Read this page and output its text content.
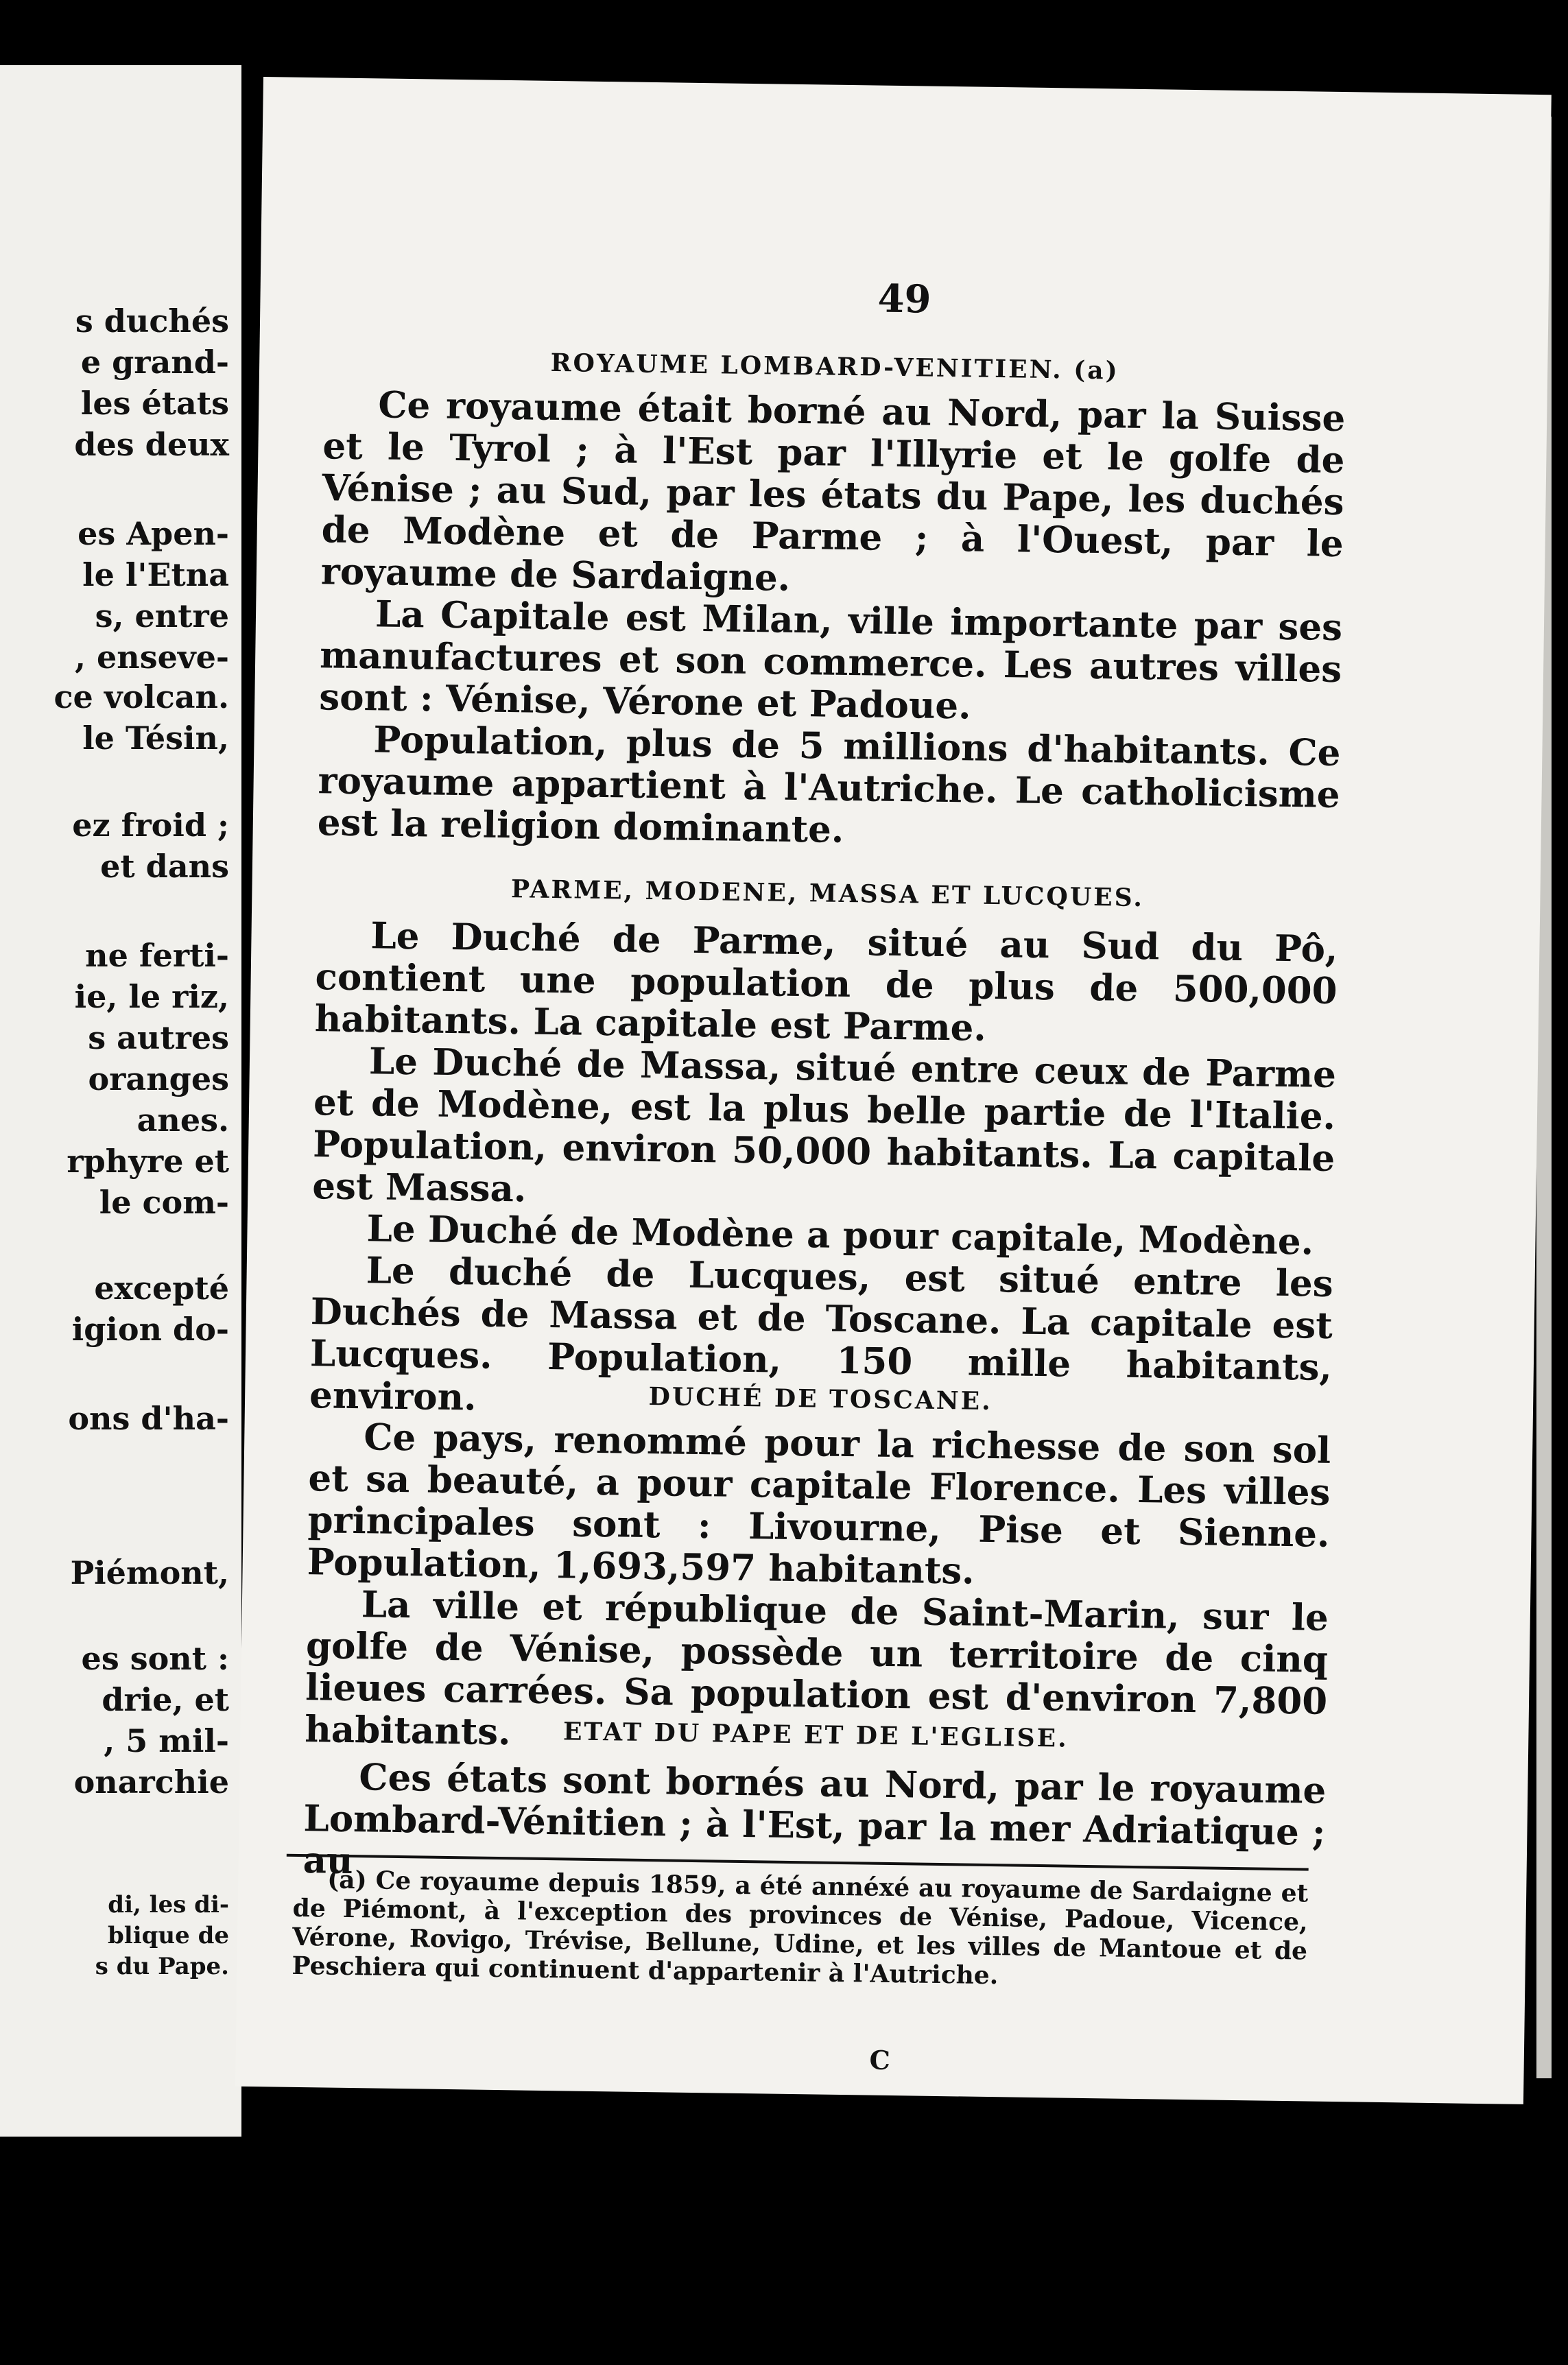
s duchés
e grand-
les états
des deux
es Apen-
le l'Etna
s, entre
, enseve-
ce volcan.
le Tésin,
ez froid ;
et dans
ne ferti-
ie, le riz,
s autres
oranges
anes.
rphyre et
le com-
excepté
igion do-
ons d'ha-
Piémont,
es sont :
drie, et
, 5 mil-
onarchie
di, les di-
blique de
s du Pape.
49
ROYAUME LOMBARD-VENITIEN. (a)

Ce royaume était borné au Nord, par la Suisse et le Tyrol ; à l'Est par l'Illyrie et le golfe de Vénise ; au Sud, par les états du Pape, les duchés de Modène et de Parme ; à l'Ouest, par le royaume de Sardaigne.

La Capitale est Milan, ville importante par ses manufactures et son commerce. Les autres villes sont : Vénise, Vérone et Padoue.

Population, plus de 5 millions d'habitants. Ce royaume appartient à l'Autriche. Le catholicisme est la religion dominante.

PARME, MODENE, MASSA ET LUCQUES.

Le Duché de Parme, situé au Sud du Pô, contient une population de plus de 500,000 habitants. La capitale est Parme.

Le Duché de Massa, situé entre ceux de Parme et de Modène, est la plus belle partie de l'Italie. Population, environ 50,000 habitants. La capitale est Massa.

Le Duché de Modène a pour capitale, Modène.

Le duché de Lucques, est situé entre les Duchés de Massa et de Toscane. La capitale est Lucques. Population, 150 mille habitants, environ.	DUCHÉ DE TOSCANE.

Ce pays, renommé pour la richesse de son sol et sa beauté, a pour capitale Florence. Les villes principales sont : Livourne, Pise et Sienne. Population, 1,693,597 habitants.

La ville et république de Saint-Marin, sur le golfe de Vénise, possède un territoire de cinq lieues carrées. Sa population est d'environ 7,800 habitants.	ETAT DU PAPE ET DE L'EGLISE.

Ces états sont bornés au Nord, par le royaume Lombard-Vénitien ; à l'Est, par la mer Adriatique ; au

(a) Ce royaume depuis 1859, a été annéxé au royaume de Sardaigne et de Piémont, à l'exception des provinces de Vénise, Padoue, Vicence, Vérone, Rovigo, Trévise, Bellune, Udine, et les villes de Mantoue et de Peschiera qui continuent d'appartenir à l'Autriche.

C
